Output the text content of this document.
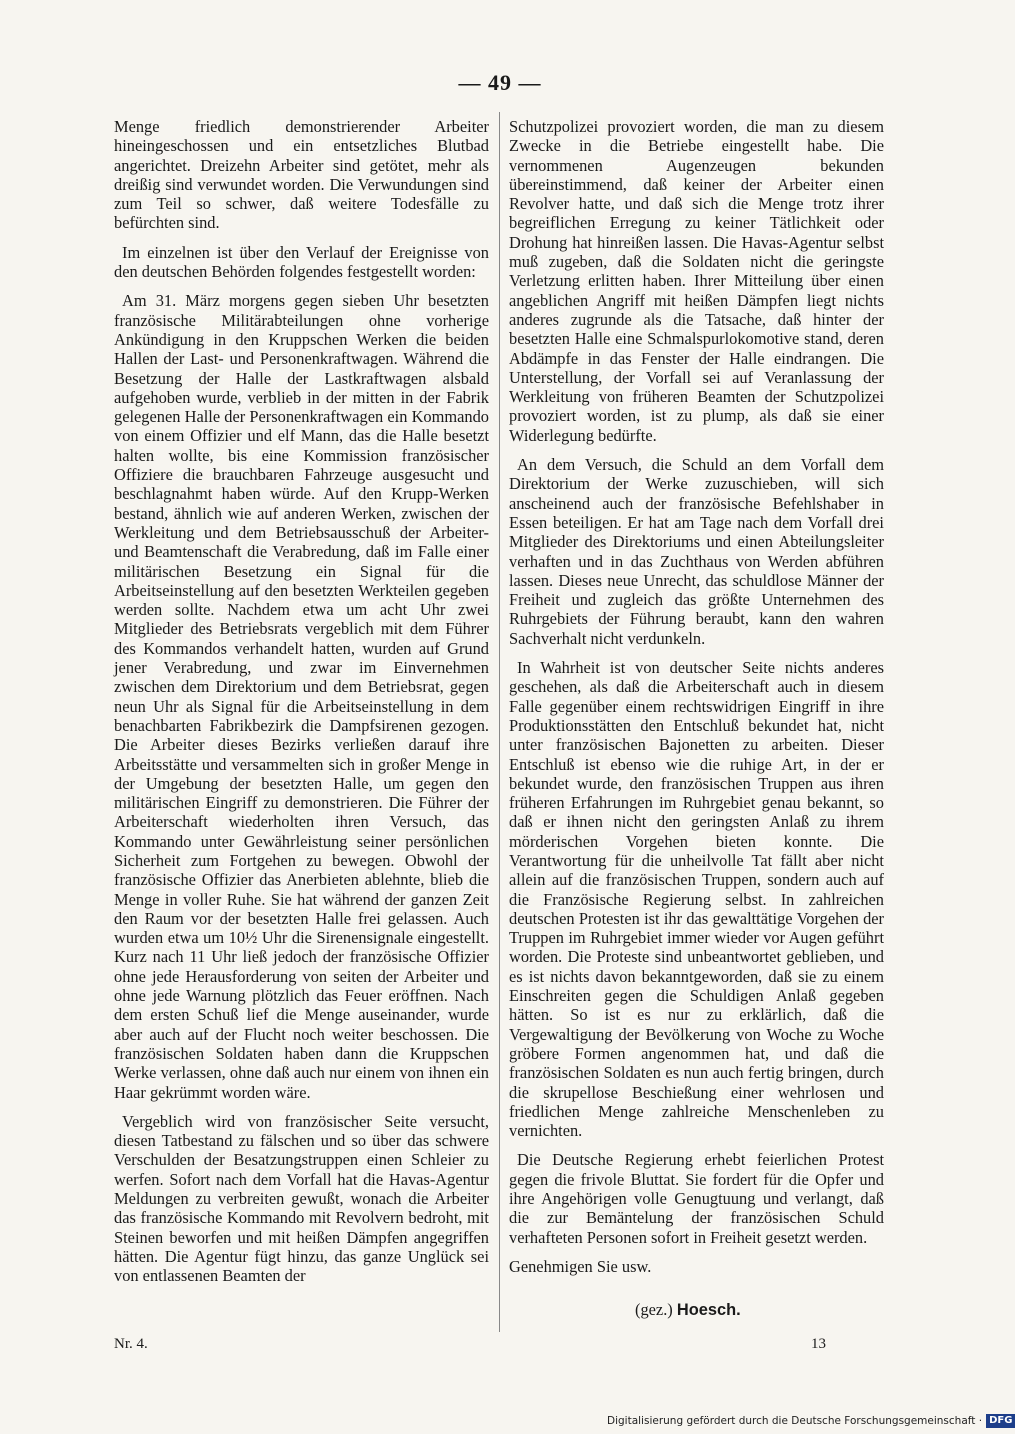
— 49 —

Menge friedlich demonstrierender Arbeiter hineingeschossen und ein entsetzliches Blutbad angerichtet. Dreizehn Arbeiter sind getötet, mehr als dreißig sind verwundet worden. Die Verwundungen sind zum Teil so schwer, daß weitere Todesfälle zu befürchten sind.

Im einzelnen ist über den Verlauf der Ereignisse von den deutschen Behörden folgendes festgestellt worden:

Am 31. März morgens gegen sieben Uhr besetzten französische Militärabteilungen ohne vorherige Ankündigung in den Kruppschen Werken die beiden Hallen der Last- und Personenkraftwagen. Während die Besetzung der Halle der Lastkraftwagen alsbald aufgehoben wurde, verblieb in der mitten in der Fabrik gelegenen Halle der Personenkraftwagen ein Kommando von einem Offizier und elf Mann, das die Halle besetzt halten wollte, bis eine Kommission französischer Offiziere die brauchbaren Fahrzeuge ausgesucht und beschlagnahmt haben würde. Auf den Krupp-Werken bestand, ähnlich wie auf anderen Werken, zwischen der Werkleitung und dem Betriebsausschuß der Arbeiter- und Beamtenschaft die Verabredung, daß im Falle einer militärischen Besetzung ein Signal für die Arbeitseinstellung auf den besetzten Werkteilen gegeben werden sollte. Nachdem etwa um acht Uhr zwei Mitglieder des Betriebsrats vergeblich mit dem Führer des Kommandos verhandelt hatten, wurden auf Grund jener Verabredung, und zwar im Einvernehmen zwischen dem Direktorium und dem Betriebsrat, gegen neun Uhr als Signal für die Arbeitseinstellung in dem benachbarten Fabrikbezirk die Dampfsirenen gezogen. Die Arbeiter dieses Bezirks verließen darauf ihre Arbeitsstätte und versammelten sich in großer Menge in der Umgebung der besetzten Halle, um gegen den militärischen Eingriff zu demonstrieren. Die Führer der Arbeiterschaft wiederholten ihren Versuch, das Kommando unter Gewährleistung seiner persönlichen Sicherheit zum Fortgehen zu bewegen. Obwohl der französische Offizier das Anerbieten ablehnte, blieb die Menge in voller Ruhe. Sie hat während der ganzen Zeit den Raum vor der besetzten Halle frei gelassen. Auch wurden etwa um 10½ Uhr die Sirenensignale eingestellt. Kurz nach 11 Uhr ließ jedoch der französische Offizier ohne jede Herausforderung von seiten der Arbeiter und ohne jede Warnung plötzlich das Feuer eröffnen. Nach dem ersten Schuß lief die Menge auseinander, wurde aber auch auf der Flucht noch weiter beschossen. Die französischen Soldaten haben dann die Kruppschen Werke verlassen, ohne daß auch nur einem von ihnen ein Haar gekrümmt worden wäre.

Vergeblich wird von französischer Seite versucht, diesen Tatbestand zu fälschen und so über das schwere Verschulden der Besatzungstruppen einen Schleier zu werfen. Sofort nach dem Vorfall hat die Havas-Agentur Meldungen zu verbreiten gewußt, wonach die Arbeiter das französische Kommando mit Revolvern bedroht, mit Steinen beworfen und mit heißen Dämpfen angegriffen hätten. Die Agentur fügt hinzu, das ganze Unglück sei von entlassenen Beamten der

Schutzpolizei provoziert worden, die man zu diesem Zwecke in die Betriebe eingestellt habe. Die vernommenen Augenzeugen bekunden übereinstimmend, daß keiner der Arbeiter einen Revolver hatte, und daß sich die Menge trotz ihrer begreiflichen Erregung zu keiner Tätlichkeit oder Drohung hat hinreißen lassen. Die Havas-Agentur selbst muß zugeben, daß die Soldaten nicht die geringste Verletzung erlitten haben. Ihrer Mitteilung über einen angeblichen Angriff mit heißen Dämpfen liegt nichts anderes zugrunde als die Tatsache, daß hinter der besetzten Halle eine Schmalspurlokomotive stand, deren Abdämpfe in das Fenster der Halle eindrangen. Die Unterstellung, der Vorfall sei auf Veranlassung der Werkleitung von früheren Beamten der Schutzpolizei provoziert worden, ist zu plump, als daß sie einer Widerlegung bedürfte.

An dem Versuch, die Schuld an dem Vorfall dem Direktorium der Werke zuzuschieben, will sich anscheinend auch der französische Befehlshaber in Essen beteiligen. Er hat am Tage nach dem Vorfall drei Mitglieder des Direktoriums und einen Abteilungsleiter verhaften und in das Zuchthaus von Werden abführen lassen. Dieses neue Unrecht, das schuldlose Männer der Freiheit und zugleich das größte Unternehmen des Ruhrgebiets der Führung beraubt, kann den wahren Sachverhalt nicht verdunkeln.

In Wahrheit ist von deutscher Seite nichts anderes geschehen, als daß die Arbeiterschaft auch in diesem Falle gegenüber einem rechtswidrigen Eingriff in ihre Produktionsstätten den Entschluß bekundet hat, nicht unter französischen Bajonetten zu arbeiten. Dieser Entschluß ist ebenso wie die ruhige Art, in der er bekundet wurde, den französischen Truppen aus ihren früheren Erfahrungen im Ruhrgebiet genau bekannt, so daß er ihnen nicht den geringsten Anlaß zu ihrem mörderischen Vorgehen bieten konnte. Die Verantwortung für die unheilvolle Tat fällt aber nicht allein auf die französischen Truppen, sondern auch auf die Französische Regierung selbst. In zahlreichen deutschen Protesten ist ihr das gewalttätige Vorgehen der Truppen im Ruhrgebiet immer wieder vor Augen geführt worden. Die Proteste sind unbeantwortet geblieben, und es ist nichts davon bekanntgeworden, daß sie zu einem Einschreiten gegen die Schuldigen Anlaß gegeben hätten. So ist es nur zu erklärlich, daß die Vergewaltigung der Bevölkerung von Woche zu Woche gröbere Formen angenommen hat, und daß die französischen Soldaten es nun auch fertig bringen, durch die skrupellose Beschießung einer wehrlosen und friedlichen Menge zahlreiche Menschenleben zu vernichten.

Die Deutsche Regierung erhebt feierlichen Protest gegen die frivole Bluttat. Sie fordert für die Opfer und ihre Angehörigen volle Genugtuung und verlangt, daß die zur Bemäntelung der französischen Schuld verhafteten Personen sofort in Freiheit gesetzt werden.

Genehmigen Sie usw.

(gez.) Hoesch.

Nr. 4.	13
Digitalisierung gefördert durch die Deutsche Forschungsgemeinschaft · DFG
